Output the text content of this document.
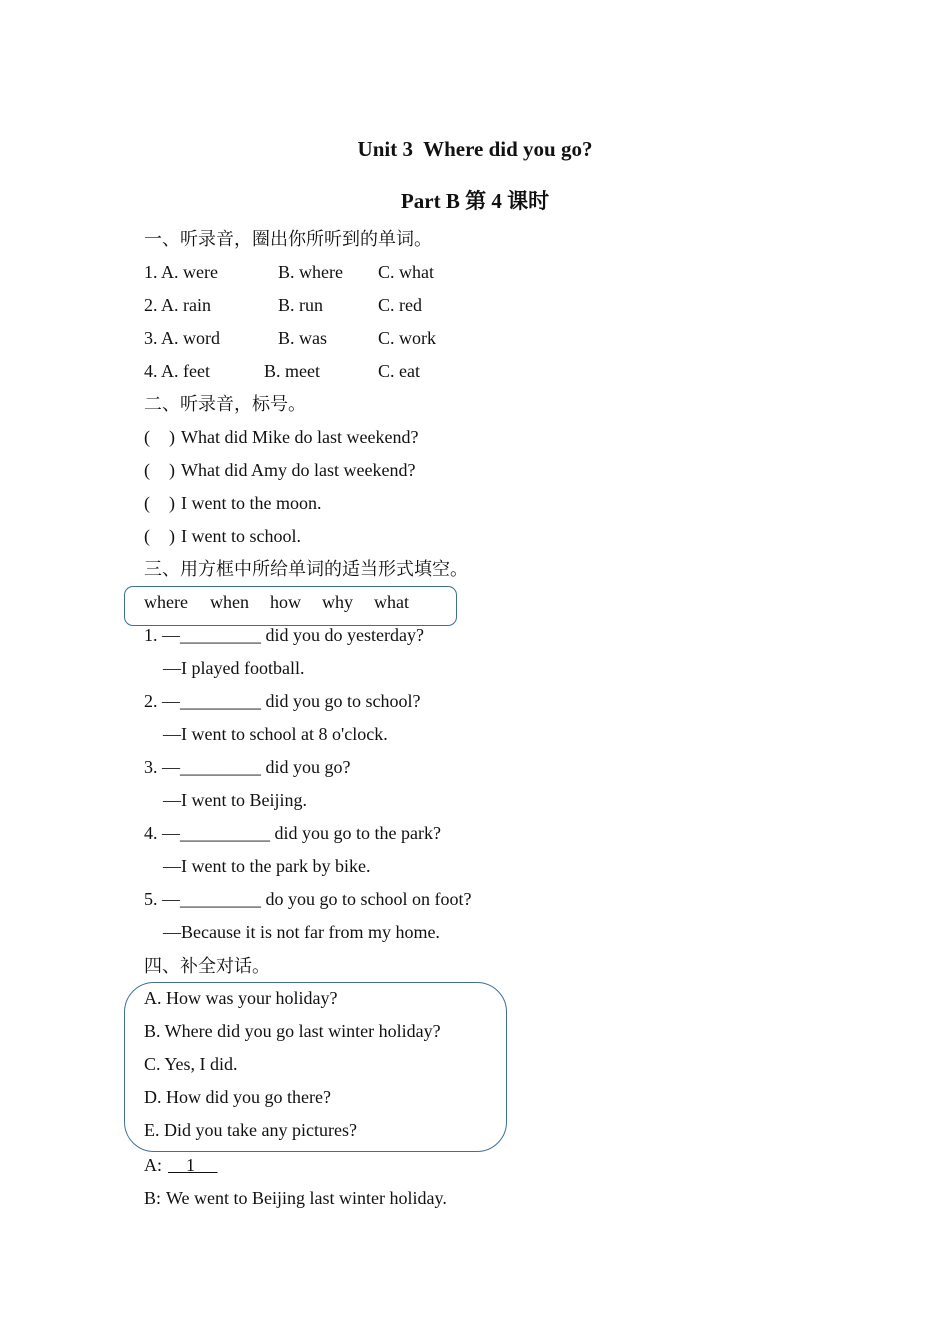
Unit 3  Where did you go?
Part B 第 4 课时
一、听录音，圈出你所听到的单词。
1. A. were	B. where C. what
2. A. rain	B. run	C. red
3. A. word	B. was	C. work
4. A. feet	B. meet	C. eat
二、听录音，标号。
( ) What did Mike do last weekend?
( ) What did Amy do last weekend?
( ) I went to the moon.
( ) I went to school.
三、用方框中所给单词的适当形式填空。
where when how why what
1. —_________ did you do yesterday?
—I played football.
2. —_________ did you go to school?
—I went to school at 8 o'clock.
3. —_________ did you go?
—I went to Beijing.
4. —__________ did you go to the park?
—I went to the park by bike.
5. —_________ do you go to school on foot?
—Because it is not far from my home.
四、补全对话。
A. How was your holiday?
B. Where did you go last winter holiday?
C. Yes, I did.
D. How did you go there?
E. Did you take any pictures?
A: 1
B: We went to Beijing last winter holiday.
